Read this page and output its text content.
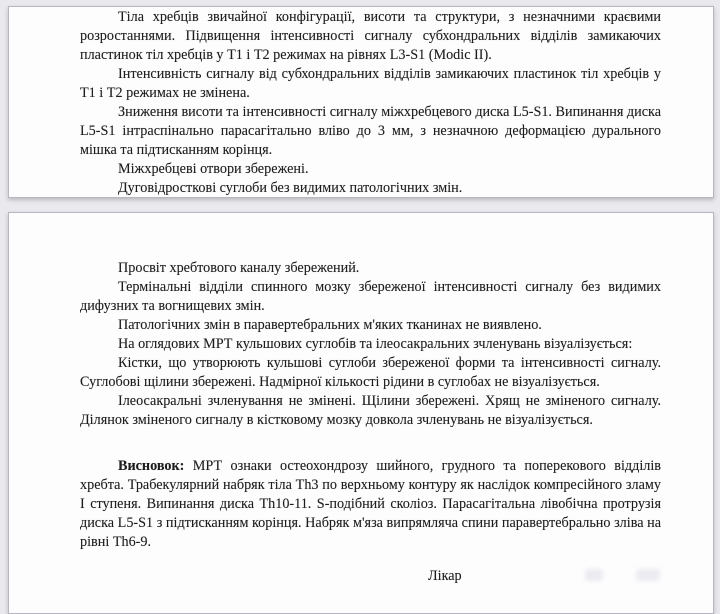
Тіла хребців звичайної конфігурації, висоти та структури, з незначними краєвими розростаннями. Підвищення інтенсивності сигналу субхондральних відділів замикаючих пластинок тіл хребців у Т1 і Т2 режимах на рівнях L3-S1 (Modic II).

Інтенсивність сигналу від субхондральних відділів замикаючих пластинок тіл хребців у Т1 і Т2 режимах не змінена.

Зниження висоти та інтенсивності сигналу міжхребцевого диска L5-S1. Випинання диска L5-S1 інтраспінально парасагітально вліво до 3 мм, з незначною деформацією дурального мішка та підтисканням корінця.

Міжхребцеві отвори збережені.

Дуговідросткові суглоби без видимих патологічних змін.

Просвіт хребтового каналу збережений.

Термінальні відділи спинного мозку збереженої інтенсивності сигналу без видимих дифузних та вогнищевих змін.

Патологічних змін в паравертебральних м'яких тканинах не виявлено.

На оглядових МРТ кульшових суглобів та ілеосакральних зчленувань візуалізується:

Кістки, що утворюють кульшові суглоби збереженої форми та інтенсивності сигналу. Суглобові щілини збережені. Надмірної кількості рідини в суглобах не візуалізується.

Ілеосакральні зчленування не змінені. Щілини збережені. Хрящ не зміненого сигналу. Ділянок зміненого сигналу в кістковому мозку довкола зчленувань не візуалізується.

Висновок: МРТ ознаки остеохондрозу шийного, грудного та поперекового відділів хребта. Трабекулярний набряк тіла Th3 по верхньому контуру як наслідок компресійного зламу I ступеня. Випинання диска Th10-11. S-подібний сколіоз. Парасагітальна лівобічна протрузія диска L5-S1 з підтисканням корінця. Набряк м'яза випрямляча спини паравертебрально зліва на рівні Th6-9.

Лікар
